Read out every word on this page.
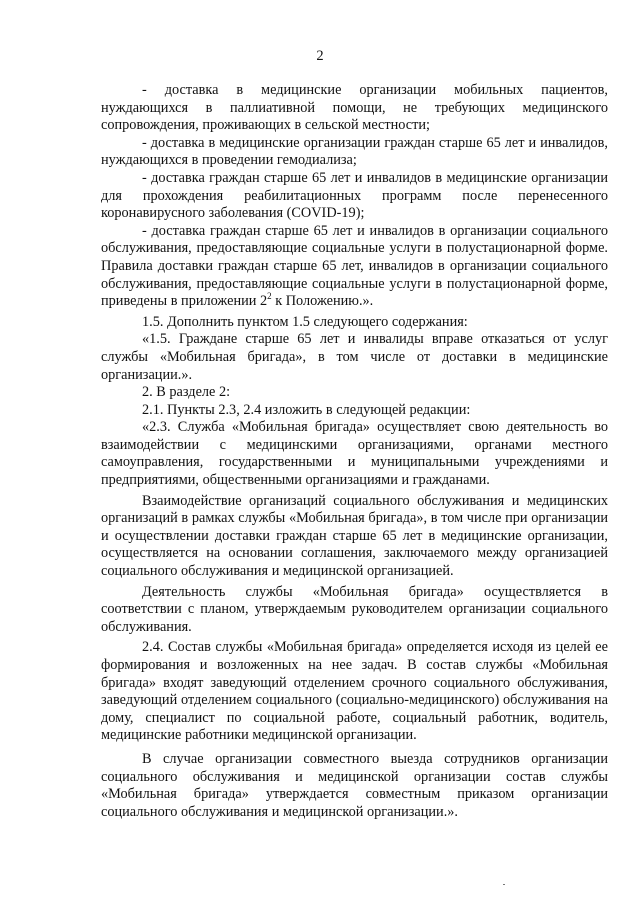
2

- доставка в медицинские организации мобильных пациентов, нуждающихся в паллиативной помощи, не требующих медицинского сопровождения, проживающих в сельской местности;

- доставка в медицинские организации граждан старше 65 лет и инвалидов, нуждающихся в проведении гемодиализа;

- доставка граждан старше 65 лет и инвалидов в медицинские организации для прохождения реабилитационных программ после перенесенного коронавирусного заболевания (COVID-19);

- доставка граждан старше 65 лет и инвалидов в организации социального обслуживания, предоставляющие социальные услуги в полустационарной форме. Правила доставки граждан старше 65 лет, инвалидов в организации социального обслуживания, предоставляющие социальные услуги в полустационарной форме, приведены в приложении $2^2$ к Положению.».

1.5. Дополнить пунктом 1.5 следующего содержания:

«1.5. Граждане старше 65 лет и инвалиды вправе отказаться от услуг службы «Мобильная бригада», в том числе от доставки в медицинские организации.».

2. В разделе 2:

2.1. Пункты 2.3, 2.4 изложить в следующей редакции:

«2.3. Служба «Мобильная бригада» осуществляет свою деятельность во взаимодействии с медицинскими организациями, органами местного самоуправления, государственными и муниципальными учреждениями и предприятиями, общественными организациями и гражданами.

Взаимодействие организаций социального обслуживания и медицинских организаций в рамках службы «Мобильная бригада», в том числе при организации и осуществлении доставки граждан старше 65 лет в медицинские организации, осуществляется на основании соглашения, заключаемого между организацией социального обслуживания и медицинской организацией.

Деятельность службы «Мобильная бригада» осуществляется в соответствии с планом, утверждаемым руководителем организации социального обслуживания.

2.4. Состав службы «Мобильная бригада» определяется исходя из целей ее формирования и возложенных на нее задач. В состав службы «Мобильная бригада» входят заведующий отделением срочного социального обслуживания, заведующий отделением социального (социально-медицинского) обслуживания на дому, специалист по социальной работе, социальный работник, водитель, медицинские работники медицинской организации.

В случае организации совместного выезда сотрудников организации социального обслуживания и медицинской организации состав службы «Мобильная бригада» утверждается совместным приказом организации социального обслуживания и медицинской организации.».
